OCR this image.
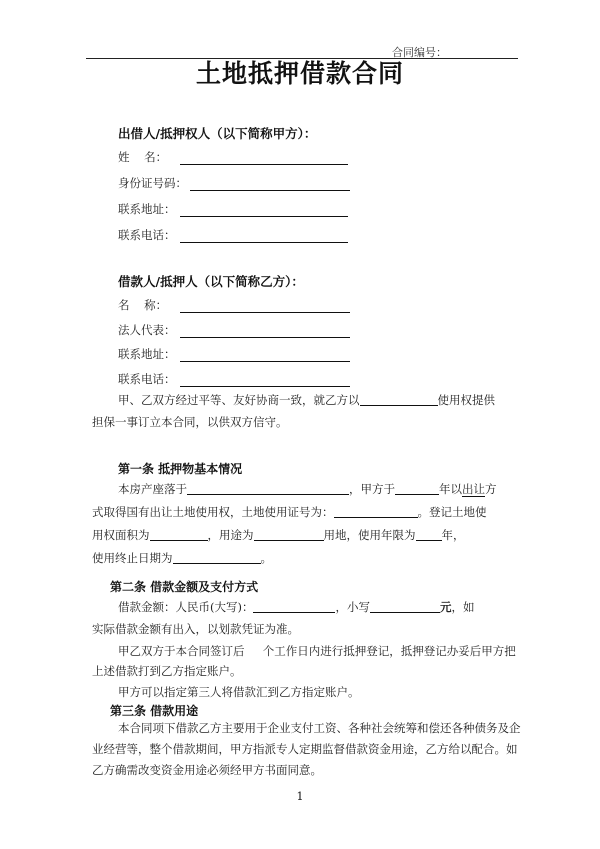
合同编号：
土地抵押借款合同
出借人/抵押权人（以下简称甲方）：
姓    名：
身份证号码：
联系地址：
联系电话：
借款人/抵押人（以下简称乙方）：
名    称：
法人代表：
联系地址：
联系电话：
甲、乙双方经过平等、友好协商一致，就乙方以	使用权提供
担保一事订立本合同，以供双方信守。
第一条 抵押物基本情况
本房产座落于	，甲方于	年以出让方
式取得国有出让土地使用权，土地使用证号为：	。登记土地使
用权面积为	，用途为	用地，使用年限为 年，
使用终止日期为	。
第二条 借款金额及支付方式
借款金额：人民币(大写)：	，小写	元，如
实际借款金额有出入，以划款凭证为准。
甲乙双方于本合同签订后     个工作日内进行抵押登记，抵押登记办妥后甲方把
上述借款打到乙方指定账户。
甲方可以指定第三人将借款汇到乙方指定账户。
第三条 借款用途
本合同项下借款乙方主要用于企业支付工资、各种社会统筹和偿还各种债务及企
业经营等，整个借款期间，甲方指派专人定期监督借款资金用途，乙方给以配合。如
乙方确需改变资金用途必须经甲方书面同意。
1
